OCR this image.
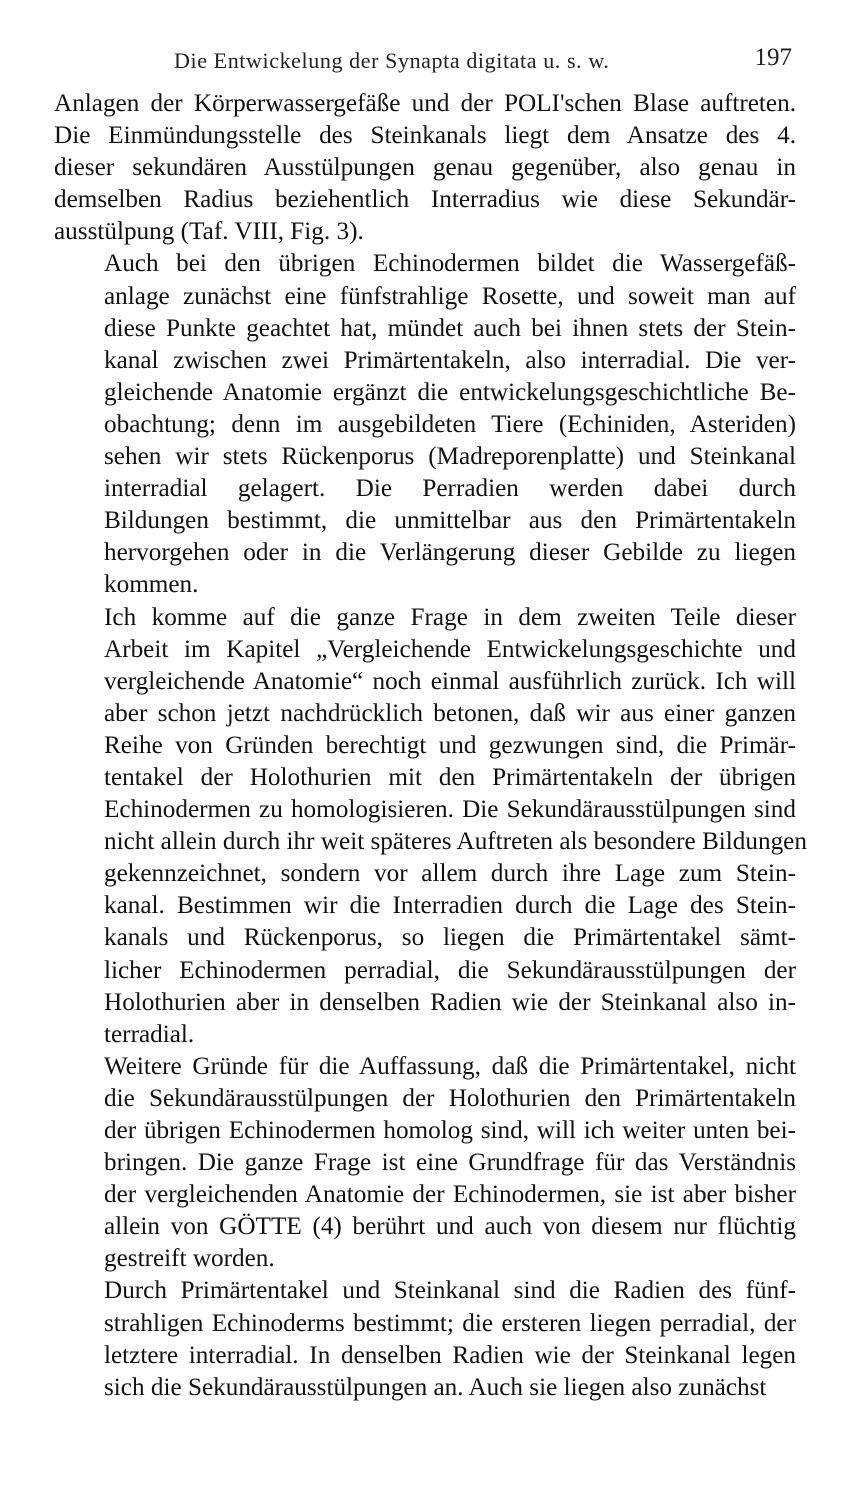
Die Entwickelung der Synapta digitata u. s. w.	197
Anlagen der Körperwassergefäße und der POLI'schen Blase auftreten.
Die Einmündungsstelle des Steinkanals liegt dem Ansatze des 4.
dieser sekundären Ausstülpungen genau gegenüber, also genau in
demselben Radius beziehentlich Interradius wie diese Sekundär-
ausstülpung (Taf. VIII, Fig. 3).
Auch bei den übrigen Echinodermen bildet die Wassergefäß-
anlage zunächst eine fünfstrahlige Rosette, und soweit man auf
diese Punkte geachtet hat, mündet auch bei ihnen stets der Stein-
kanal zwischen zwei Primärtentakeln, also interradial. Die ver-
gleichende Anatomie ergänzt die entwickelungsgeschichtliche Be-
obachtung; denn im ausgebildeten Tiere (Echiniden, Asteriden)
sehen wir stets Rückenporus (Madreporenplatte) und Steinkanal
interradial gelagert. Die Perradien werden dabei durch
Bildungen bestimmt, die unmittelbar aus den Primärtentakeln
hervorgehen oder in die Verlängerung dieser Gebilde zu liegen
kommen.
Ich komme auf die ganze Frage in dem zweiten Teile dieser
Arbeit im Kapitel „Vergleichende Entwickelungsgeschichte und
vergleichende Anatomie“ noch einmal ausführlich zurück. Ich will
aber schon jetzt nachdrücklich betonen, daß wir aus einer ganzen
Reihe von Gründen berechtigt und gezwungen sind, die Primär-
tentakel der Holothurien mit den Primärtentakeln der übrigen
Echinodermen zu homologisieren. Die Sekundärausstülpungen sind
nicht allein durch ihr weit späteres Auftreten als besondere Bildungen
gekennzeichnet, sondern vor allem durch ihre Lage zum Stein-
kanal. Bestimmen wir die Interradien durch die Lage des Stein-
kanals und Rückenporus, so liegen die Primärtentakel sämt-
licher Echinodermen perradial, die Sekundärausstülpungen der
Holothurien aber in denselben Radien wie der Steinkanal also in-
terradial.
Weitere Gründe für die Auffassung, daß die Primärtentakel, nicht
die Sekundärausstülpungen der Holothurien den Primärtentakeln
der übrigen Echinodermen homolog sind, will ich weiter unten bei-
bringen. Die ganze Frage ist eine Grundfrage für das Verständnis
der vergleichenden Anatomie der Echinodermen, sie ist aber bisher
allein von GÖTTE (4) berührt und auch von diesem nur flüchtig
gestreift worden.
Durch Primärtentakel und Steinkanal sind die Radien des fünf-
strahligen Echinoderms bestimmt; die ersteren liegen perradial, der
letztere interradial. In denselben Radien wie der Steinkanal legen
sich die Sekundärausstülpungen an. Auch sie liegen also zunächst
